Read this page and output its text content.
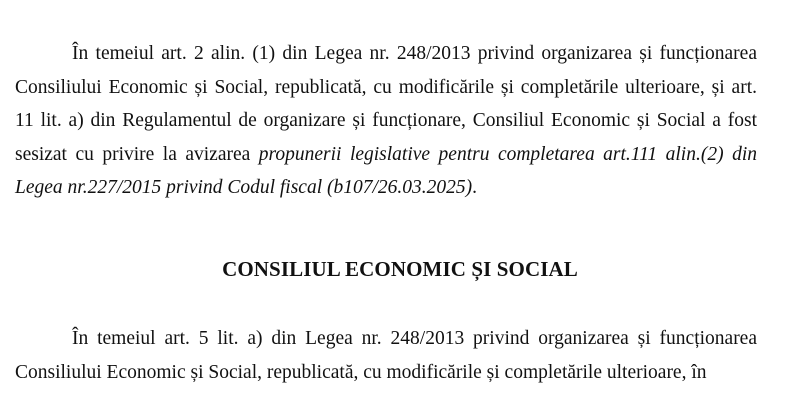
În temeiul art. 2 alin. (1) din Legea nr. 248/2013 privind organizarea și funcționarea Consiliului Economic și Social, republicată, cu modificările și completările ulterioare, și art. 11 lit. a) din Regulamentul de organizare și funcționare, Consiliul Economic și Social a fost sesizat cu privire la avizarea propunerii legislative pentru completarea art.111 alin.(2) din Legea nr.227/2015 privind Codul fiscal (b107/26.03.2025).

CONSILIUL ECONOMIC ȘI SOCIAL

În temeiul art. 5 lit. a) din Legea nr. 248/2013 privind organizarea și funcționarea Consiliului Economic și Social, republicată, cu modificările și completările ulterioare, în
